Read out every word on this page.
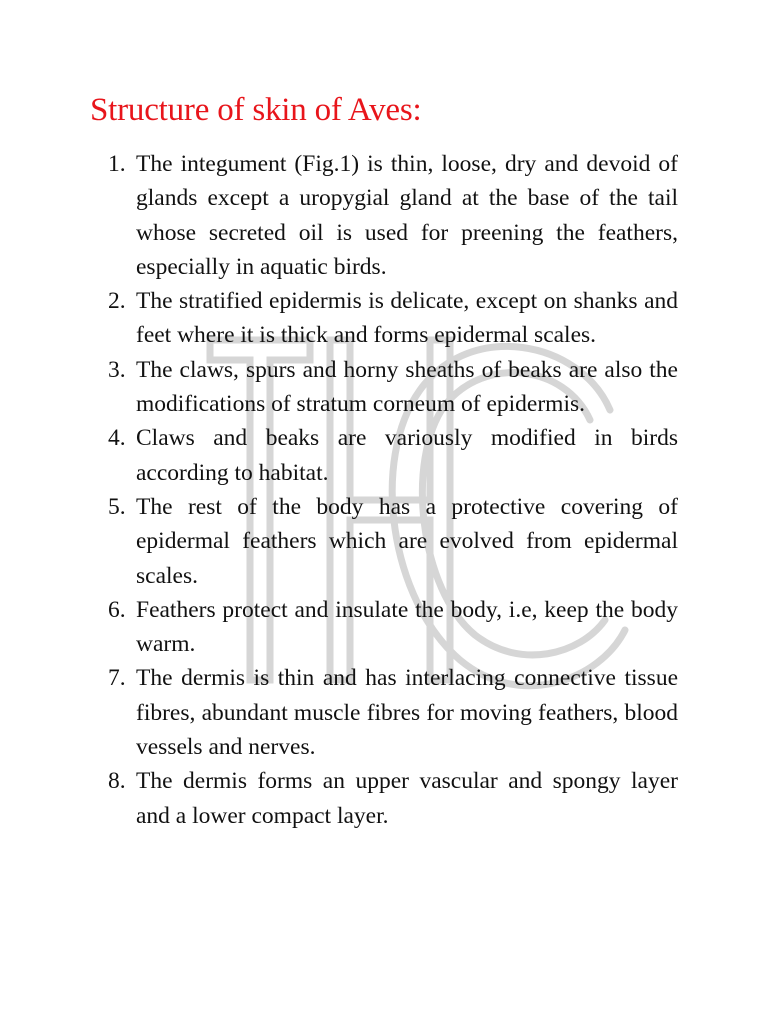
Structure of skin of Aves:
1. The integument (Fig.1) is thin, loose, dry and devoid of glands except a uropygial gland at the base of the tail whose secreted oil is used for preening the feathers, especially in aquatic birds.
2. The stratified epidermis is delicate, except on shanks and feet where it is thick and forms epidermal scales.
3. The claws, spurs and horny sheaths of beaks are also the modifications of stratum corneum of epidermis.
4. Claws and beaks are variously modified in birds according to habitat.
5. The rest of the body has a protective covering of epidermal feathers which are evolved from epidermal scales.
6. Feathers protect and insulate the body, i.e, keep the body warm.
7. The dermis is thin and has interlacing connective tissue fibres, abundant muscle fibres for moving feathers, blood vessels and nerves.
8. The dermis forms an upper vascular and spongy layer and a lower compact layer.
